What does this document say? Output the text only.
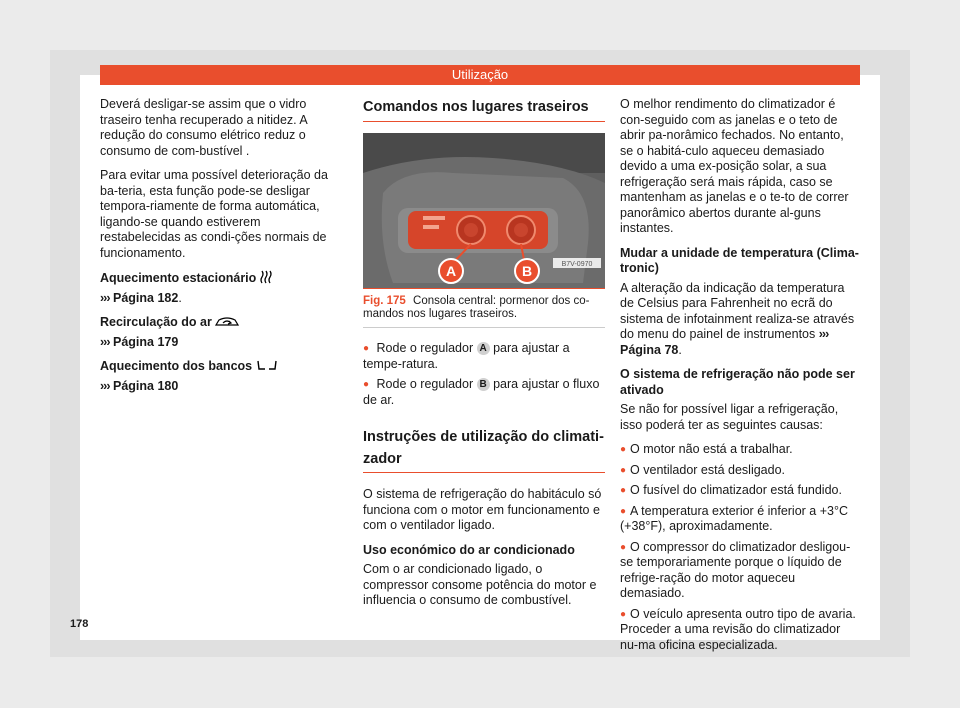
Utilização

Deverá desligar-se assim que o vidro traseiro tenha recuperado a nitidez. A redução do consumo elétrico reduz o consumo de com-bustível .

Para evitar uma possível deterioração da ba-teria, esta função pode-se desligar tempora-riamente de forma automática, ligando-se quando estiverem restabelecidas as condi-ções normais de funcionamento.

Aquecimento estacionário

››› Página 182.

Recirculação do ar

››› Página 179

Aquecimento dos bancos

››› Página 180

Comandos nos lugares traseiros
A	B	B7V-0970
Fig. 175 Consola central: pormenor dos co-mandos nos lugares traseiros.

● Rode o regulador A para ajustar a tempe-ratura.

● Rode o regulador B para ajustar o fluxo de ar.

Instruções de utilização do climati-zador

O sistema de refrigeração do habitáculo só funciona com o motor em funcionamento e com o ventilador ligado.

Uso económico do ar condicionado

Com o ar condicionado ligado, o compressor consome potência do motor e influencia o consumo de combustível.

O melhor rendimento do climatizador é con-seguido com as janelas e o teto de abrir pa-norâmico fechados. No entanto, se o habitá-culo aqueceu demasiado devido a uma ex-posição solar, a sua refrigeração será mais rápida, caso se mantenham as janelas e o te-to de correr panorâmico abertos durante al-guns instantes.

Mudar a unidade de temperatura (Clima-tronic)

A alteração da indicação da temperatura de Celsius para Fahrenheit no ecrã do sistema de infotainment realiza-se através do menu do painel de instrumentos ››› Página 78.

O sistema de refrigeração não pode ser ativado

Se não for possível ligar a refrigeração, isso poderá ter as seguintes causas:

● O motor não está a trabalhar.

● O ventilador está desligado.

● O fusível do climatizador está fundido.

● A temperatura exterior é inferior a +3°C (+38°F), aproximadamente.

● O compressor do climatizador desligou-se temporariamente porque o líquido de refrige-ração do motor aqueceu demasiado.

● O veículo apresenta outro tipo de avaria. Proceder a uma revisão do climatizador nu-ma oficina especializada.

178
